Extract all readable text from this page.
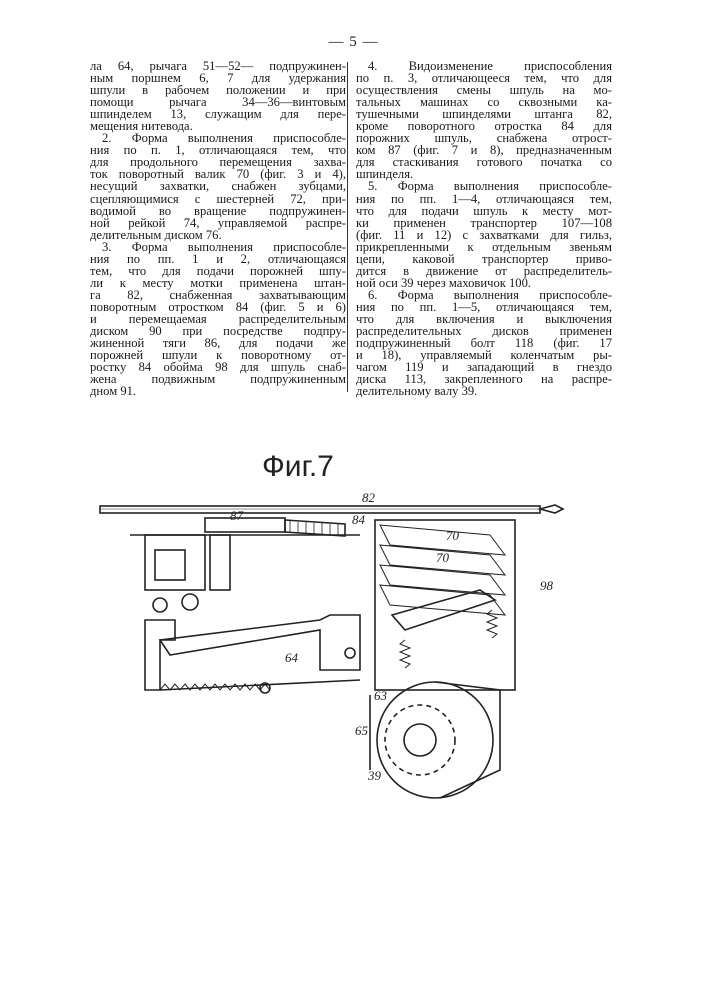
— 5 —
ла 64, рычага 51—52— подпружинен-
ным поршнем 6, 7 для удержания
шпули в рабочем положении и при
помощи рычага 34—36—винтовым
шпинделем 13, служащим для пере-
мещения нитевода.
2. Форма выполнения приспособле-
ния по п. 1, отличающаяся тем, что
для продольного перемещения захва-
ток поворотный валик 70 (фиг. 3 и 4),
несущий захватки, снабжен зубцами,
сцепляющимися с шестерней 72, при-
водимой во вращение подпружинен-
ной рейкой 74, управляемой распре-
делительным диском 76.
3. Форма выполнения приспособле-
ния по пп. 1 и 2, отличающаяся
тем, что для подачи порожней шпу-
ли к месту мотки применена штан-
га 82, снабженная захватывающим
поворотным отростком 84 (фиг. 5 и 6)
и перемещаемая распределительным
диском 90 при посредстве подпру-
жиненной тяги 86, для подачи же
порожней шпули к поворотному от-
ростку 84 обойма 98 для шпуль снаб-
жена подвижным подпружиненным
дном 91.
4. Видоизменение приспособления
по п. 3, отличающееся тем, что для
осуществления смены шпуль на мо-
тальных машинах со сквозными ка-
тушечными шпинделями штанга 82,
кроме поворотного отростка 84 для
порожних шпуль, снабжена отрост-
ком 87 (фиг. 7 и 8), предназначенным
для стаскивания готового початка со
шпинделя.
5. Форма выполнения приспособле-
ния по пп. 1—4, отличающаяся тем,
что для подачи шпуль к месту мот-
ки применен транспортер 107—108
(фиг. 11 и 12) с захватками для гильз,
прикрепленными к отдельным звеньям
цепи, каковой транспортер приво-
дится в движение от распределитель-
ной оси 39 через маховичок 100.
6. Форма выполнения приспособле-
ния по пп. 1—5, отличающаяся тем,
что для включения и выключения
распределительных дисков применен
подпружиненный болт 118 (фиг. 17
и 18), управляемый коленчатым ры-
чагом 119 и западающий в гнездо
диска 113, закрепленного на распре-
делительному валу 39.
Фиг.7
82
87	84
70
70
98
64
63
65
39
